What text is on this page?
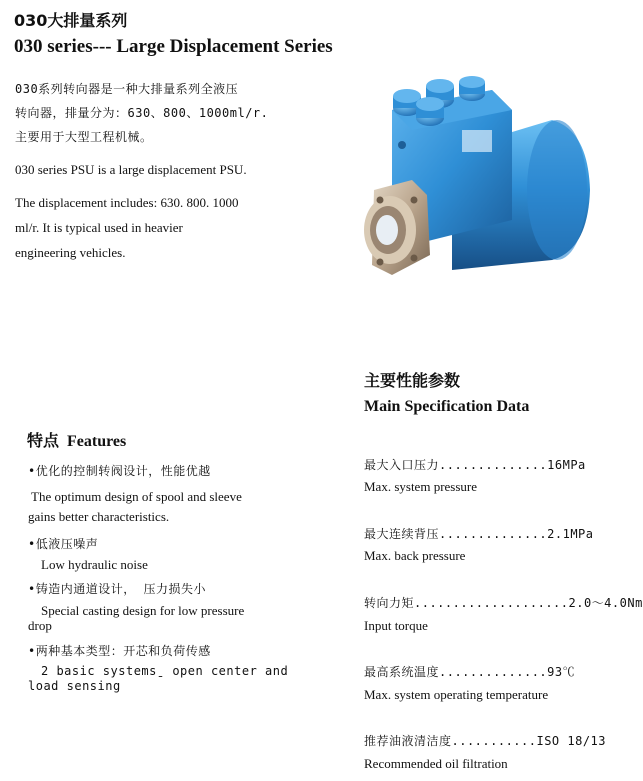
030大排量系列
030 series--- Large Displacement Series
030系列转向器是一种大排量系列全液压
转向器，排量分为：630、800、1000ml/r.
主要用于大型工程机械。
030 series PSU is a large displacement PSU.
The displacement includes: 630. 800. 1000
ml/r. It is typical used in heavier
engineering vehicles.
特点 Features
•优化的控制转阀设计，性能优越
The optimum design of spool and sleeve
gains better characteristics.
•低液压噪声
Low hydraulic noise
•铸造内通道设计， 压力损失小
Special casting design for low pressure
drop
•两种基本类型：开芯和负荷传感
2 basic systemsˍ open center and
load sensing
主要性能参数
Main Specification Data
最大入口压力..............16MPa
Max. system pressure
最大连续背压..............2.1MPa
Max. back pressure
转向力矩....................2.0～4.0Nm
Input torque
最高系统温度..............93℃
Max. system operating temperature
推荐油液清洁度...........ISO 18/13
Recommended oil filtration
